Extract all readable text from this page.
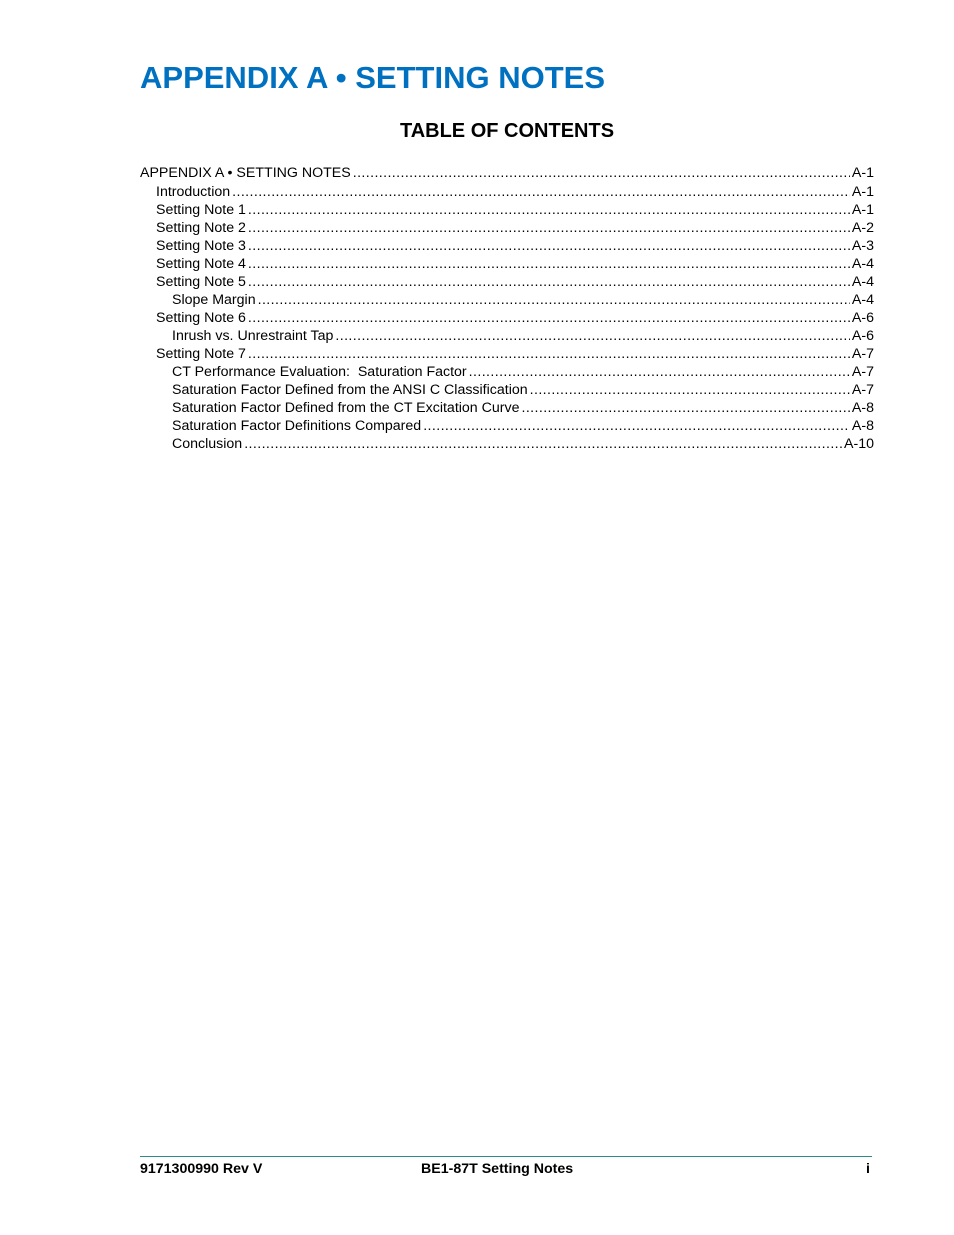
APPENDIX A • SETTING NOTES
TABLE OF CONTENTS
APPENDIX A • SETTING NOTES .....	A-1
Introduction .....	A-1
Setting Note 1 .....	A-1
Setting Note 2 .....	A-2
Setting Note 3 .....	A-3
Setting Note 4 .....	A-4
Setting Note 5 .....	A-4
Slope Margin .....	A-4
Setting Note 6 .....	A-6
Inrush vs. Unrestraint Tap .....	A-6
Setting Note 7 .....	A-7
CT Performance Evaluation:  Saturation Factor .....	A-7
Saturation Factor Defined from the ANSI C Classification .....	A-7
Saturation Factor Defined from the CT Excitation Curve .....	A-8
Saturation Factor Definitions Compared .....	A-8
Conclusion .....	A-10
9171300990 Rev V	BE1-87T Setting Notes	i
